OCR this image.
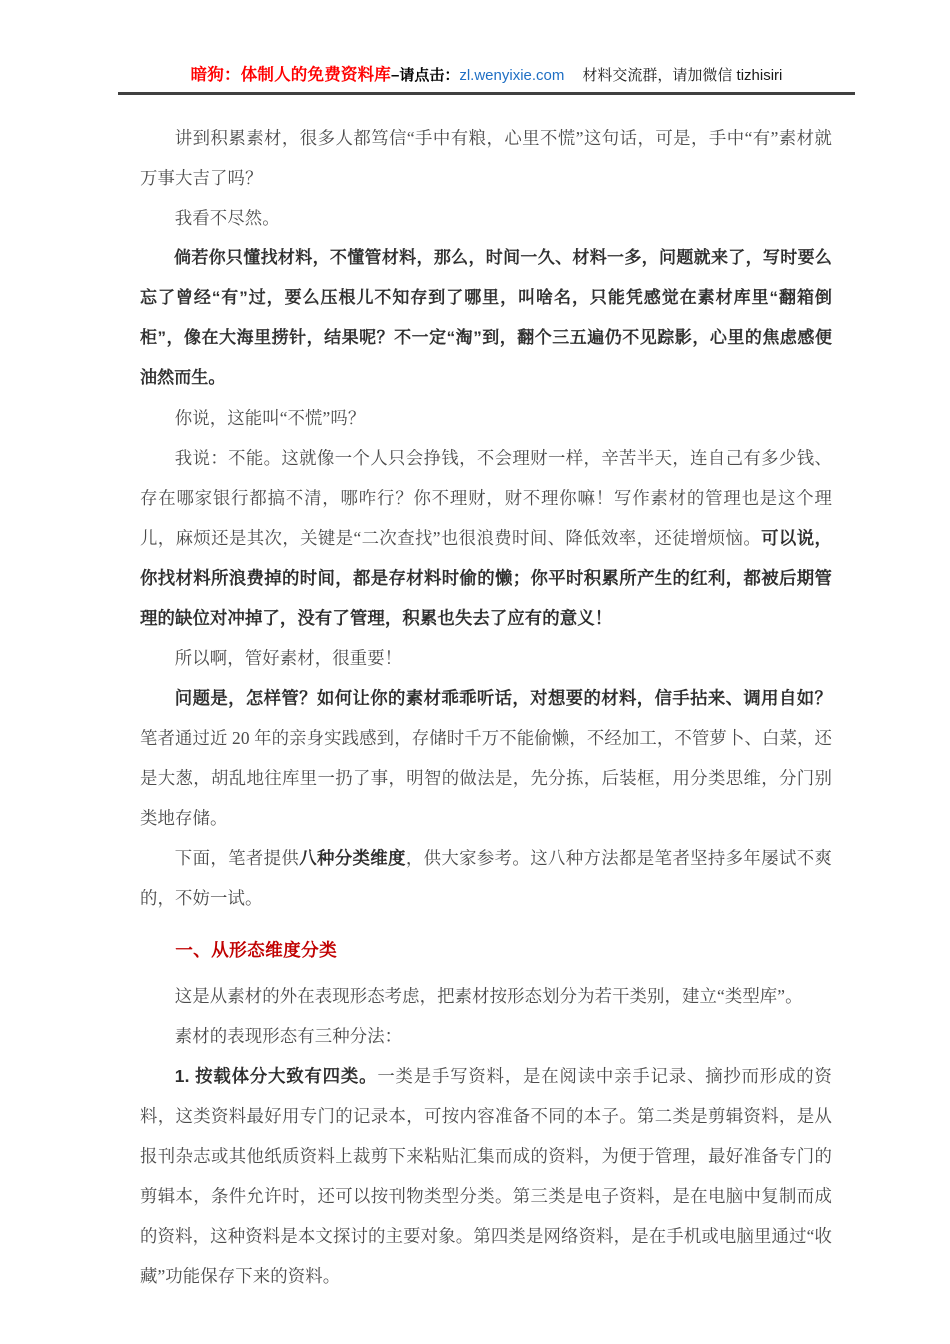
暗狗：体制人的免费资料库–请点击：zl.wenyixie.com 材料交流群，请加微信 tizhisiri

讲到积累素材，很多人都笃信“手中有粮，心里不慌”这句话，可是，手中“有”素材就万事大吉了吗？

我看不尽然。

倘若你只懂找材料，不懂管材料，那么，时间一久、材料一多，问题就来了，写时要么忘了曾经“有”过，要么压根儿不知存到了哪里，叫啥名，只能凭感觉在素材库里“翻箱倒柜”，像在大海里捞针，结果呢？不一定“淘”到，翻个三五遍仍不见踪影，心里的焦虑感便油然而生。

你说，这能叫“不慌”吗？

我说：不能。这就像一个人只会挣钱，不会理财一样，辛苦半天，连自己有多少钱、存在哪家银行都搞不清，哪咋行？你不理财，财不理你嘛！写作素材的管理也是这个理儿，麻烦还是其次，关键是“二次查找”也很浪费时间、降低效率，还徒增烦恼。可以说，你找材料所浪费掉的时间，都是存材料时偷的懒；你平时积累所产生的红利，都被后期管理的缺位对冲掉了，没有了管理，积累也失去了应有的意义！

所以啊，管好素材，很重要！

问题是，怎样管？如何让你的素材乖乖听话，对想要的材料，信手拈来、调用自如？笔者通过近 20 年的亲身实践感到，存储时千万不能偷懒，不经加工，不管萝卜、白菜，还是大葱，胡乱地往库里一扔了事，明智的做法是，先分拣，后装框，用分类思维，分门别类地存储。

下面，笔者提供八种分类维度，供大家参考。这八种方法都是笔者坚持多年屡试不爽的，不妨一试。

一、从形态维度分类

这是从素材的外在表现形态考虑，把素材按形态划分为若干类别，建立“类型库”。

素材的表现形态有三种分法：

1. 按载体分大致有四类。一类是手写资料，是在阅读中亲手记录、摘抄而形成的资料，这类资料最好用专门的记录本，可按内容准备不同的本子。第二类是剪辑资料，是从报刊杂志或其他纸质资料上裁剪下来粘贴汇集而成的资料，为便于管理，最好准备专门的剪辑本，条件允许时，还可以按刊物类型分类。第三类是电子资料，是在电脑中复制而成的资料，这种资料是本文探讨的主要对象。第四类是网络资料，是在手机或电脑里通过“收藏”功能保存下来的资料。
